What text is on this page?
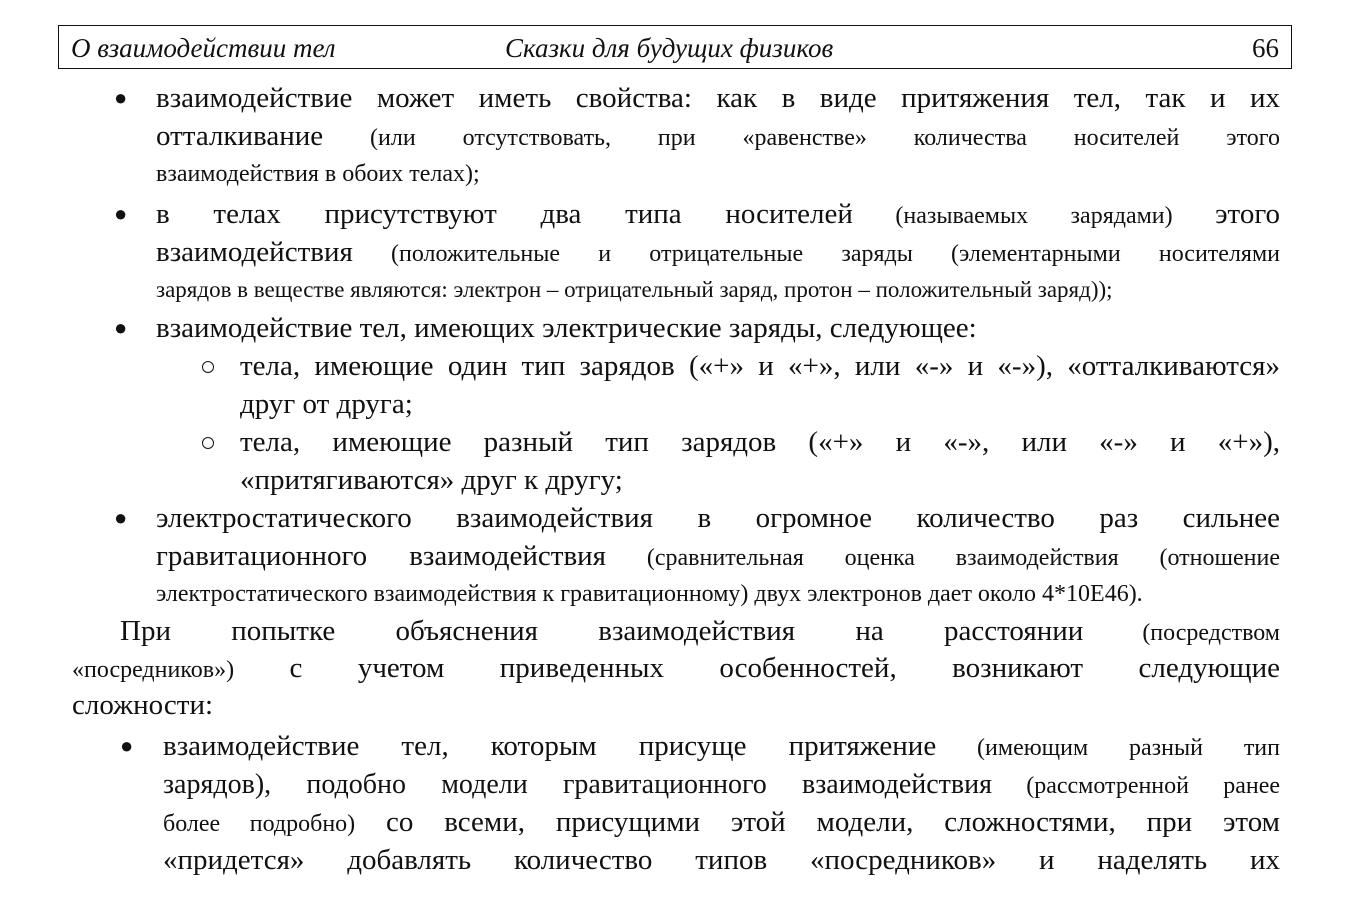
О взаимодействии тел	Сказки для будущих физиков	66
● взаимодействие может иметь свойства: как в виде притяжения тел, так и их
отталкивание (или отсутствовать, при «равенстве» количества носителей этого
взаимодействия в обоих телах);
● в телах присутствуют два типа носителей (называемых зарядами) этого
взаимодействия (положительные и отрицательные заряды (элементарными носителями
зарядов в веществе являются: электрон – отрицательный заряд, протон – положительный заряд));
● взаимодействие тел, имеющих электрические заряды, следующее:
тела, имеющие один тип зарядов («+» и «+», или «-» и «-»), «отталкиваются»
друг от друга;
тела, имеющие разный тип зарядов («+» и «-», или «-» и «+»),
«притягиваются» друг к другу;
● электростатического взаимодействия в огромное количество раз сильнее
гравитационного взаимодействия (сравнительная оценка взаимодействия (отношение
электростатического взаимодействия к гравитационному) двух электронов дает около 4*10E46).
При попытке объяснения взаимодействия на расстоянии (посредством
«посредников») с учетом приведенных особенностей, возникают следующие
сложности:
● взаимодействие тел, которым присуще притяжение (имеющим разный тип
зарядов), подобно модели гравитационного взаимодействия (рассмотренной ранее
более подробно) со всеми, присущими этой модели, сложностями, при этом
«придется» добавлять количество типов «посредников» и наделять их
